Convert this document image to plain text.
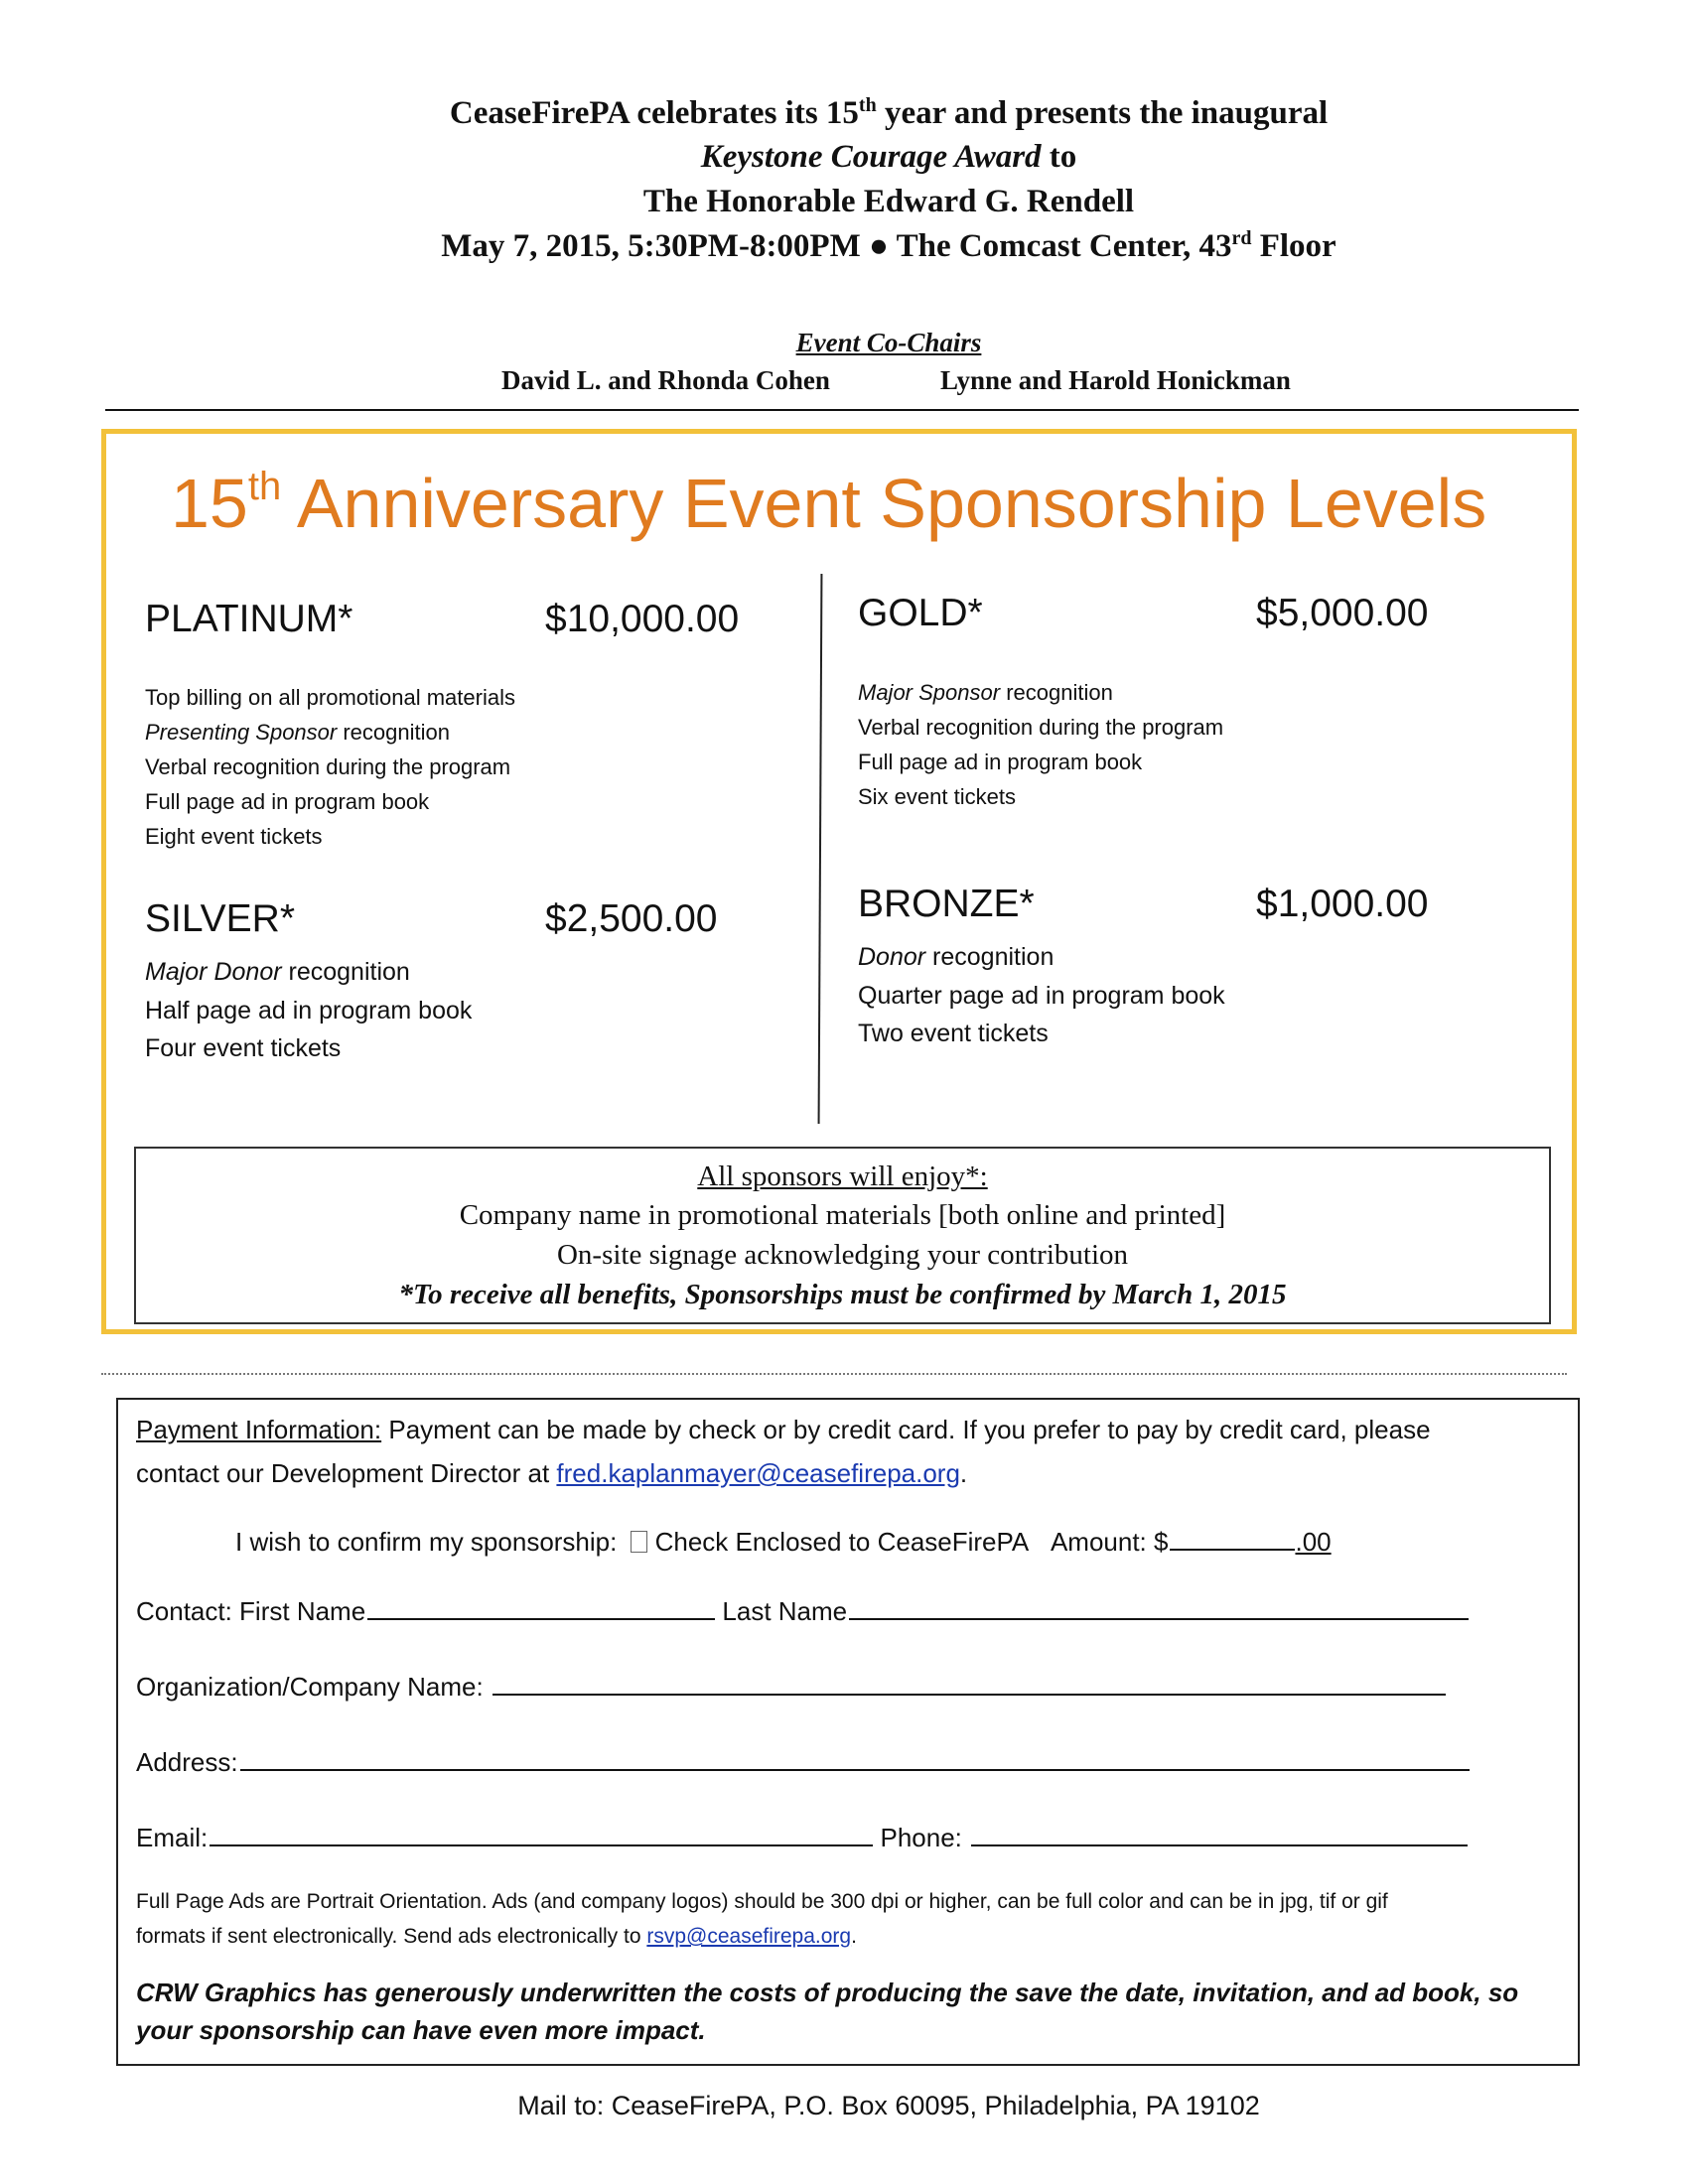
CeaseFirePA celebrates its 15th year and presents the inaugural
Keystone Courage Award to
The Honorable Edward G. Rendell
May 7, 2015, 5:30PM-8:00PM ● The Comcast Center, 43rd Floor
Event Co-Chairs
David L. and Rhonda Cohen	Lynne and Harold Honickman
15th Anniversary Event Sponsorship Levels
PLATINUM*	$10,000.00
Top billing on all promotional materials
Presenting Sponsor recognition
Verbal recognition during the program
Full page ad in program book
Eight event tickets
GOLD*	$5,000.00
Major Sponsor recognition
Verbal recognition during the program
Full page ad in program book
Six event tickets
SILVER*	$2,500.00
Major Donor recognition
Half page ad in program book
Four event tickets
BRONZE*	$1,000.00
Donor recognition
Quarter page ad in program book
Two event tickets
All sponsors will enjoy*:
Company name in promotional materials [both online and printed]
On-site signage acknowledging your contribution
*To receive all benefits, Sponsorships must be confirmed by March 1, 2015
Payment Information: Payment can be made by check or by credit card. If you prefer to pay by credit card, please
contact our Development Director at fred.kaplanmayer@ceasefirepa.org.
I wish to confirm my sponsorship: Check Enclosed to CeaseFirePA Amount: $	.00
Contact: First Name	Last Name
Organization/Company Name:
Address:
Email:	Phone:
Full Page Ads are Portrait Orientation. Ads (and company logos) should be 300 dpi or higher, can be full color and can be in jpg, tif or gif
formats if sent electronically. Send ads electronically to rsvp@ceasefirepa.org.
CRW Graphics has generously underwritten the costs of producing the save the date, invitation, and ad book, so
your sponsorship can have even more impact.
Mail to: CeaseFirePA, P.O. Box 60095, Philadelphia, PA 19102
